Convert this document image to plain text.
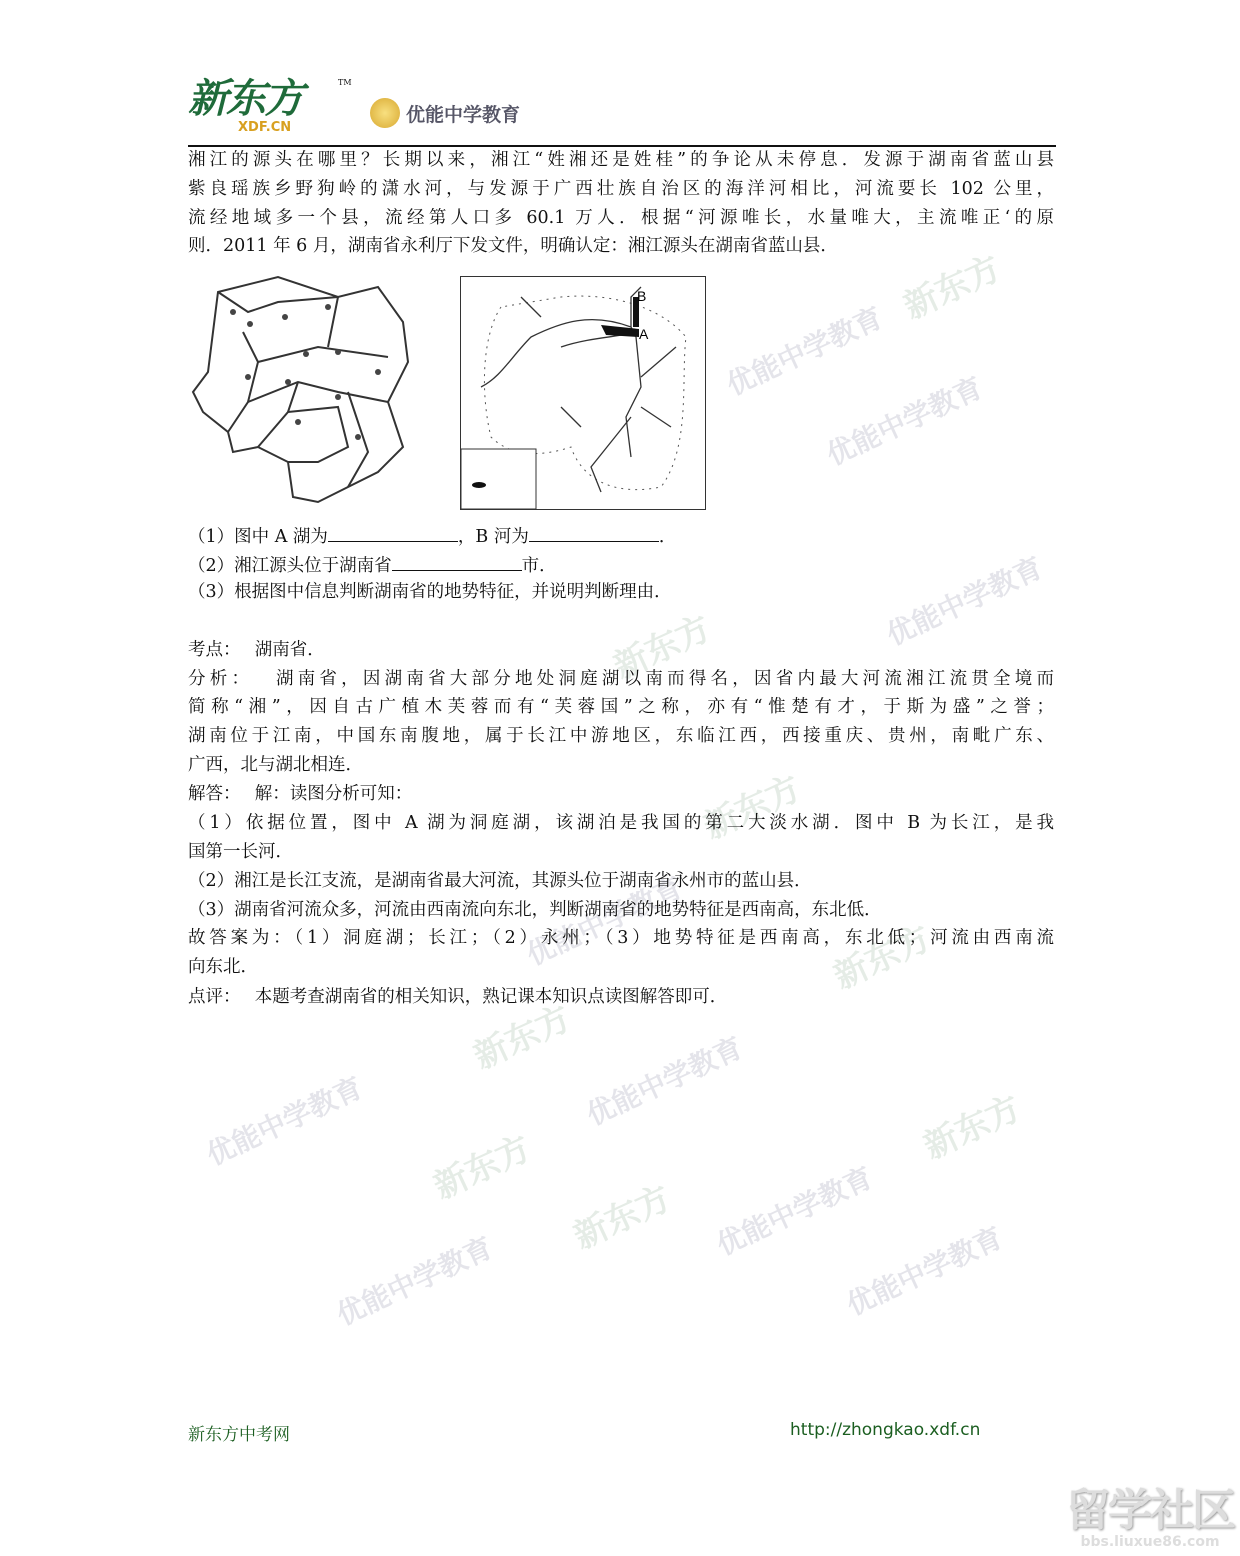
新东方
XDF.CN
TM
优能中学教育
新东方
优能中学教育
优能中学教育
新东方	优能中学教育
新东方
优能中学教育	新东方
新东方 优能中学教育
优能中学教育 新东方
新东方
新东方 优能中学教育
优能中学教育	优能中学教育
湘江的源头在哪里？长期以来，湘江“姓湘还是姓桂”的争论从未停息．发源于湖南省蓝山县
紫良瑶族乡野狗岭的潇水河，与发源于广西壮族自治区的海洋河相比，河流要长 102 公里，
流经地域多一个县，流经第人口多 60.1 万人．根据“河源唯长，水量唯大，主流唯正‘的原
则．2011 年 6 月，湖南省永利厅下发文件，明确认定：湘江源头在湖南省蓝山县．
A
B
（1）图中 A 湖为	，B 河为	．
（2）湘江源头位于湖南省	市．
（3）根据图中信息判断湖南省的地势特征，并说明判断理由．
考点：　 湖南省．
分析：　 湖南省，因湖南省大部分地处洞庭湖以南而得名，因省内最大河流湘江流贯全境而
简称“湘”，因自古广植木芙蓉而有“芙蓉国”之称，亦有“惟楚有才，于斯为盛”之誉；
湖南位于江南，中国东南腹地，属于长江中游地区，东临江西，西接重庆、贵州，南毗广东、
广西，北与湖北相连．
解答：　 解：读图分析可知：
（1）依据位置，图中 A 湖为洞庭湖，该湖泊是我国的第二大淡水湖．图中 B 为长江，是我
国第一长河．
（2）湘江是长江支流，是湖南省最大河流，其源头位于湖南省永州市的蓝山县．
（3）湖南省河流众多，河流由西南流向东北，判断湖南省的地势特征是西南高，东北低．
故答案为：（1）洞庭湖；长江；（2）永州；（3）地势特征是西南高，东北低；河流由西南流
向东北．
点评：　 本题考查湖南省的相关知识，熟记课本知识点读图解答即可．
新东方中考网	http://zhongkao.xdf.cn
留学社区
bbs.liuxue86.com
